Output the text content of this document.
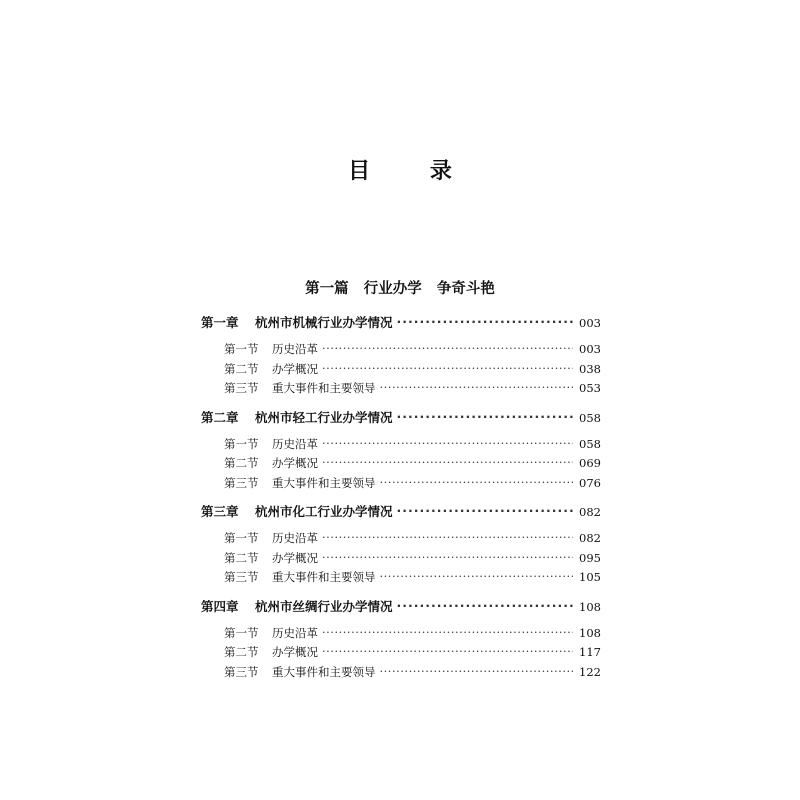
目 录
第一篇   行业办学   争奇斗艳
第一章	杭州市机械行业办学情况 ·····	003
第一节	历史沿革 ·····	003
第二节	办学概况 ·····	038
第三节	重大事件和主要领导 ·····	053
第二章	杭州市轻工行业办学情况 ·····	058
第一节	历史沿革 ·····	058
第二节	办学概况 ·····	069
第三节	重大事件和主要领导 ·····	076
第三章	杭州市化工行业办学情况 ·····	082
第一节	历史沿革 ·····	082
第二节	办学概况 ·····	095
第三节	重大事件和主要领导 ·····	105
第四章	杭州市丝绸行业办学情况 ·····	108
第一节	历史沿革 ·····	108
第二节	办学概况 ·····	117
第三节	重大事件和主要领导 ·····	122
